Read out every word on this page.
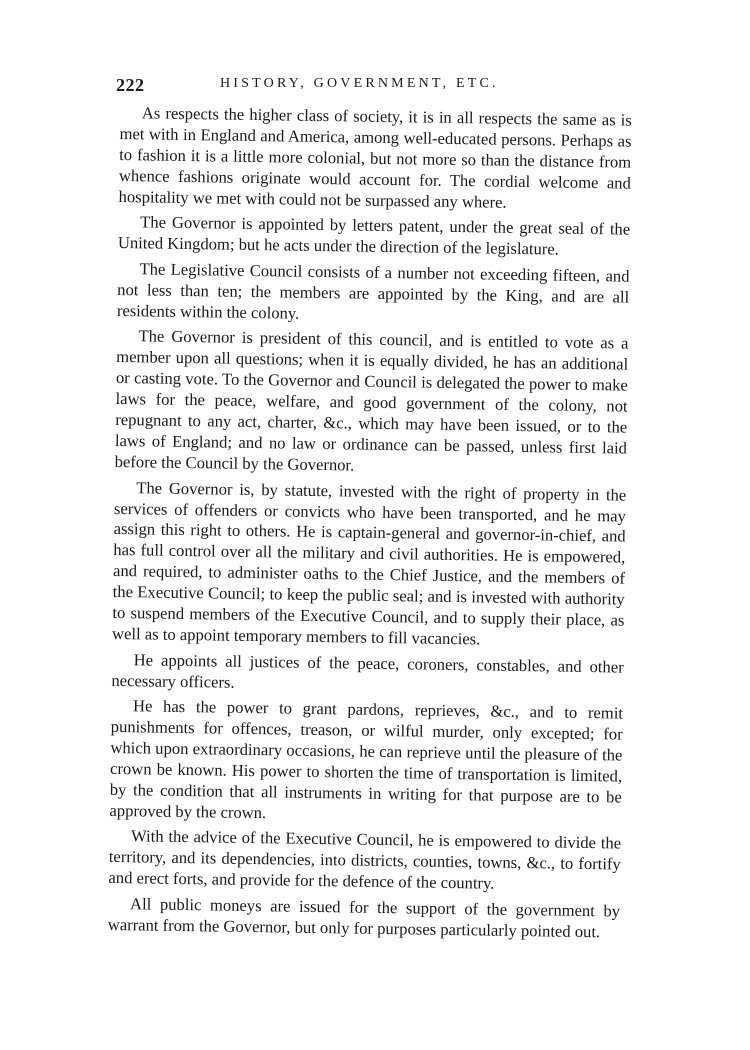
222	HISTORY, GOVERNMENT, ETC.

As respects the higher class of society, it is in all respects the same as is met with in England and America, among well-educated persons. Perhaps as to fashion it is a little more colonial, but not more so than the distance from whence fashions originate would account for. The cordial welcome and hospitality we met with could not be surpassed any where.

The Governor is appointed by letters patent, under the great seal of the United Kingdom; but he acts under the direction of the legislature.

The Legislative Council consists of a number not exceeding fifteen, and not less than ten; the members are appointed by the King, and are all residents within the colony.

The Governor is president of this council, and is entitled to vote as a member upon all questions; when it is equally divided, he has an additional or casting vote. To the Governor and Council is delegated the power to make laws for the peace, welfare, and good government of the colony, not repugnant to any act, charter, &c., which may have been issued, or to the laws of England; and no law or ordinance can be passed, unless first laid before the Council by the Governor.

The Governor is, by statute, invested with the right of property in the services of offenders or convicts who have been transported, and he may assign this right to others. He is captain-general and governor-in-chief, and has full control over all the military and civil authorities. He is empowered, and required, to administer oaths to the Chief Justice, and the members of the Executive Council; to keep the public seal; and is invested with authority to suspend members of the Executive Council, and to supply their place, as well as to appoint temporary members to fill vacancies.

He appoints all justices of the peace, coroners, constables, and other necessary officers.

He has the power to grant pardons, reprieves, &c., and to remit punishments for offences, treason, or wilful murder, only excepted; for which upon extraordinary occasions, he can reprieve until the pleasure of the crown be known. His power to shorten the time of transportation is limited, by the condition that all instruments in writing for that purpose are to be approved by the crown.

With the advice of the Executive Council, he is empowered to divide the territory, and its dependencies, into districts, counties, towns, &c., to fortify and erect forts, and provide for the defence of the country.

All public moneys are issued for the support of the government by warrant from the Governor, but only for purposes particularly pointed out.
